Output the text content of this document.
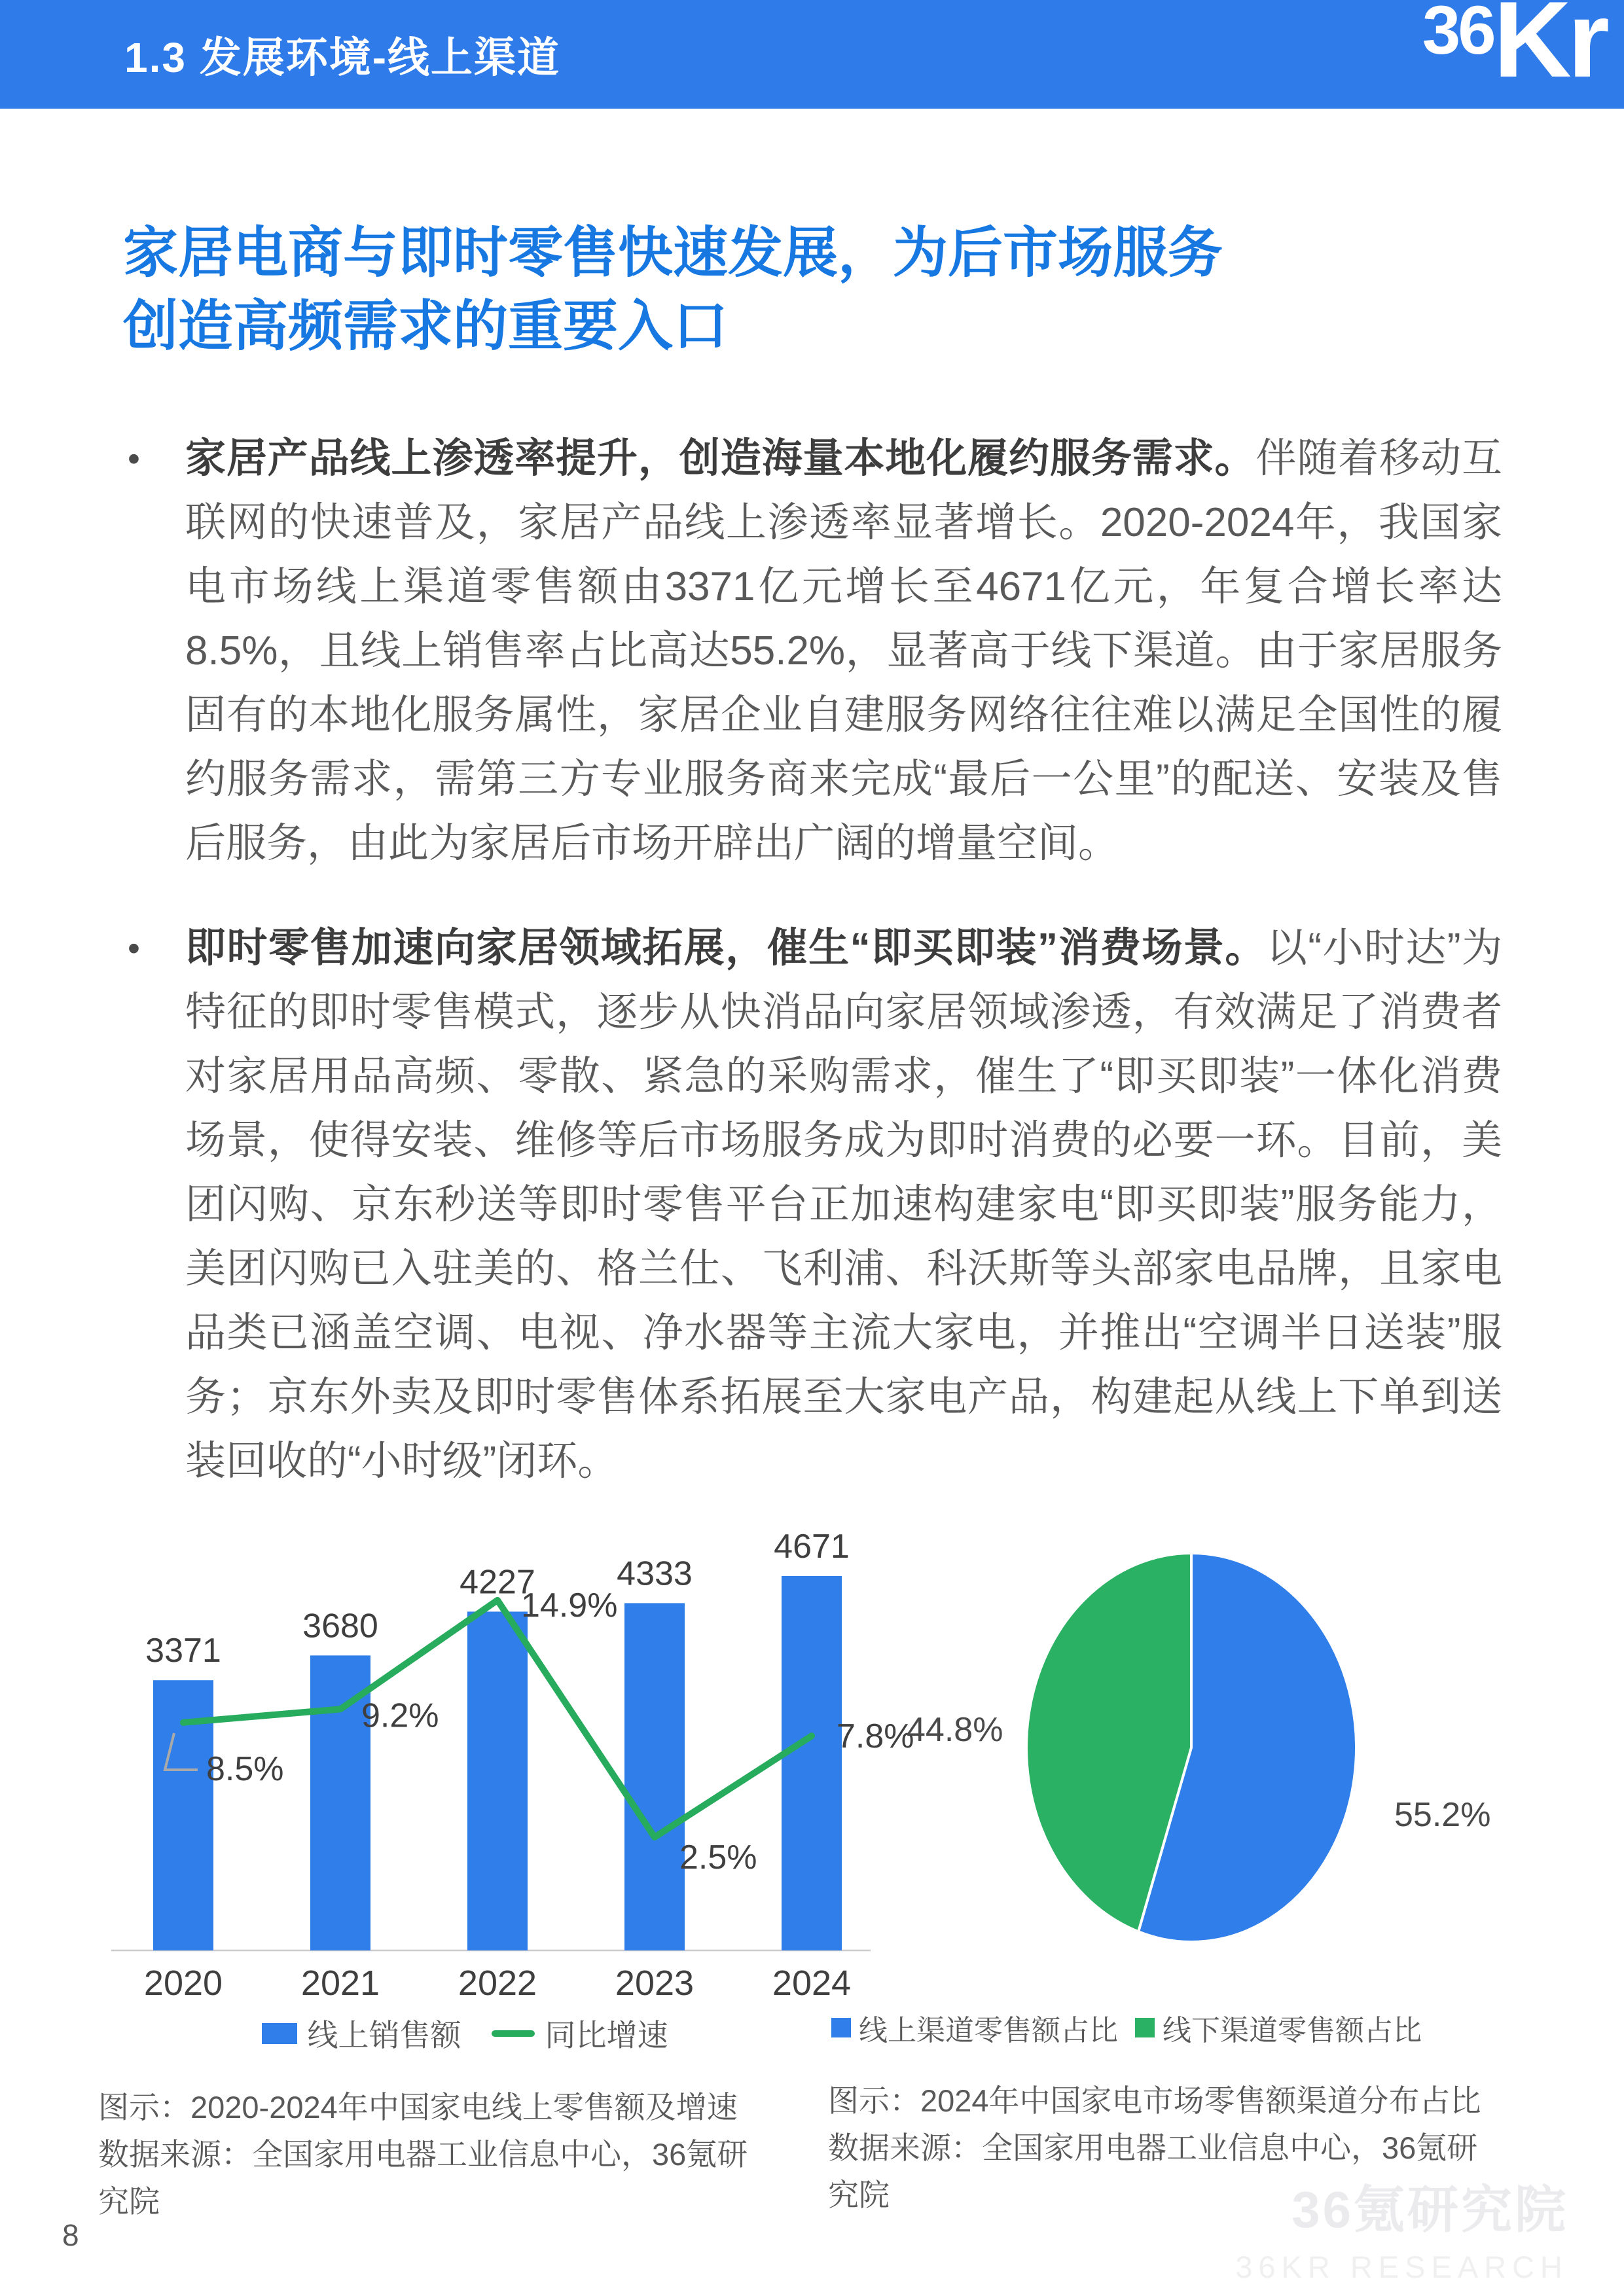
1.3 发展环境-线上渠道	36 Kr
家居电商与即时零售快速发展，为后市场服务
创造高频需求的重要入口
•	家居产品线上渗透率提升，创造海量本地化履约服务需求。伴随着移动互联网的快速普及，家居产品线上渗透率显著增长。2020-2024年，我国家电市场线上渠道零售额由3371亿元增长至4671亿元，年复合增长率达8.5%，且线上销售率占比高达55.2%，显著高于线下渠道。由于家居服务固有的本地化服务属性，家居企业自建服务网络往往难以满足全国性的履约服务需求，需第三方专业服务商来完成“最后一公里”的配送、安装及售后服务，由此为家居后市场开辟出广阔的增量空间。

•	即时零售加速向家居领域拓展，催生“即买即装”消费场景。以“小时达”为特征的即时零售模式，逐步从快消品向家居领域渗透，有效满足了消费者对家居用品高频、零散、紧急的采购需求，催生了“即买即装”一体化消费场景，使得安装、维修等后市场服务成为即时消费的必要一环。目前，美团闪购、京东秒送等即时零售平台正加速构建家电“即买即装”服务能力，美团闪购已入驻美的、格兰仕、飞利浦、科沃斯等头部家电品牌，且家电品类已涵盖空调、电视、净水器等主流大家电，并推出“空调半日送装”服务；京东外卖及即时零售体系拓展至大家电产品，构建起从线上下单到送装回收的“小时级”闭环。

3371
3680
4227 4333
4671
8.5%
9.2%
14.9%
2.5%
7.8%
2020 2021 2022 2023 2024
线上销售额	同比增速
图示：2020-2024年中国家电线上零售额及增速
数据来源：全国家用电器工业信息中心，36氪研究院
55.2%
44.8%
线上渠道零售额占比 线下渠道零售额占比
图示：2024年中国家电市场零售额渠道分布占比
数据来源：全国家用电器工业信息中心，36氪研究院
8	36氪研究院
36KR RESEARCH
